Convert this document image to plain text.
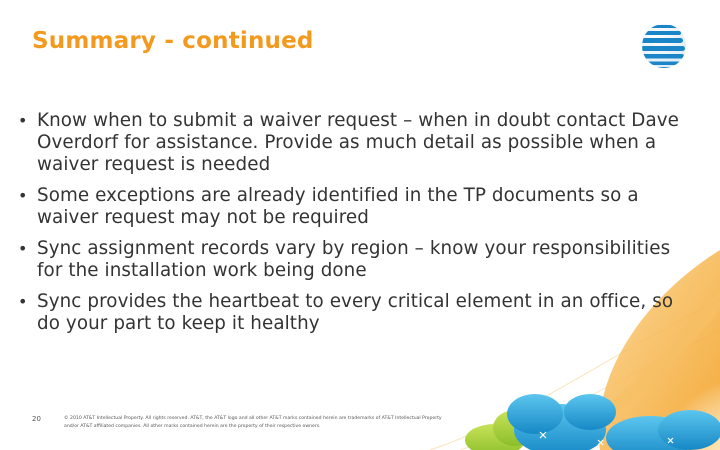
Summary - continued
• Know when to submit a waiver request – when in doubt contact Dave Overdorf for assistance. Provide as much detail as possible when a waiver request is needed
• Some exceptions are already identified in the TP documents so a waiver request may not be required
• Sync assignment records vary by region – know your responsibilities for the installation work being done
• Sync provides the heartbeat to every critical element in an office, so do your part to keep it healthy
20	© 2010 AT&T Intellectual Property. All rights reserved. AT&T, the AT&T logo and all other AT&T marks contained herein are trademarks of AT&T Intellectual Property and/or AT&T affiliated companies. All other marks contained herein are the property of their respective owners.
